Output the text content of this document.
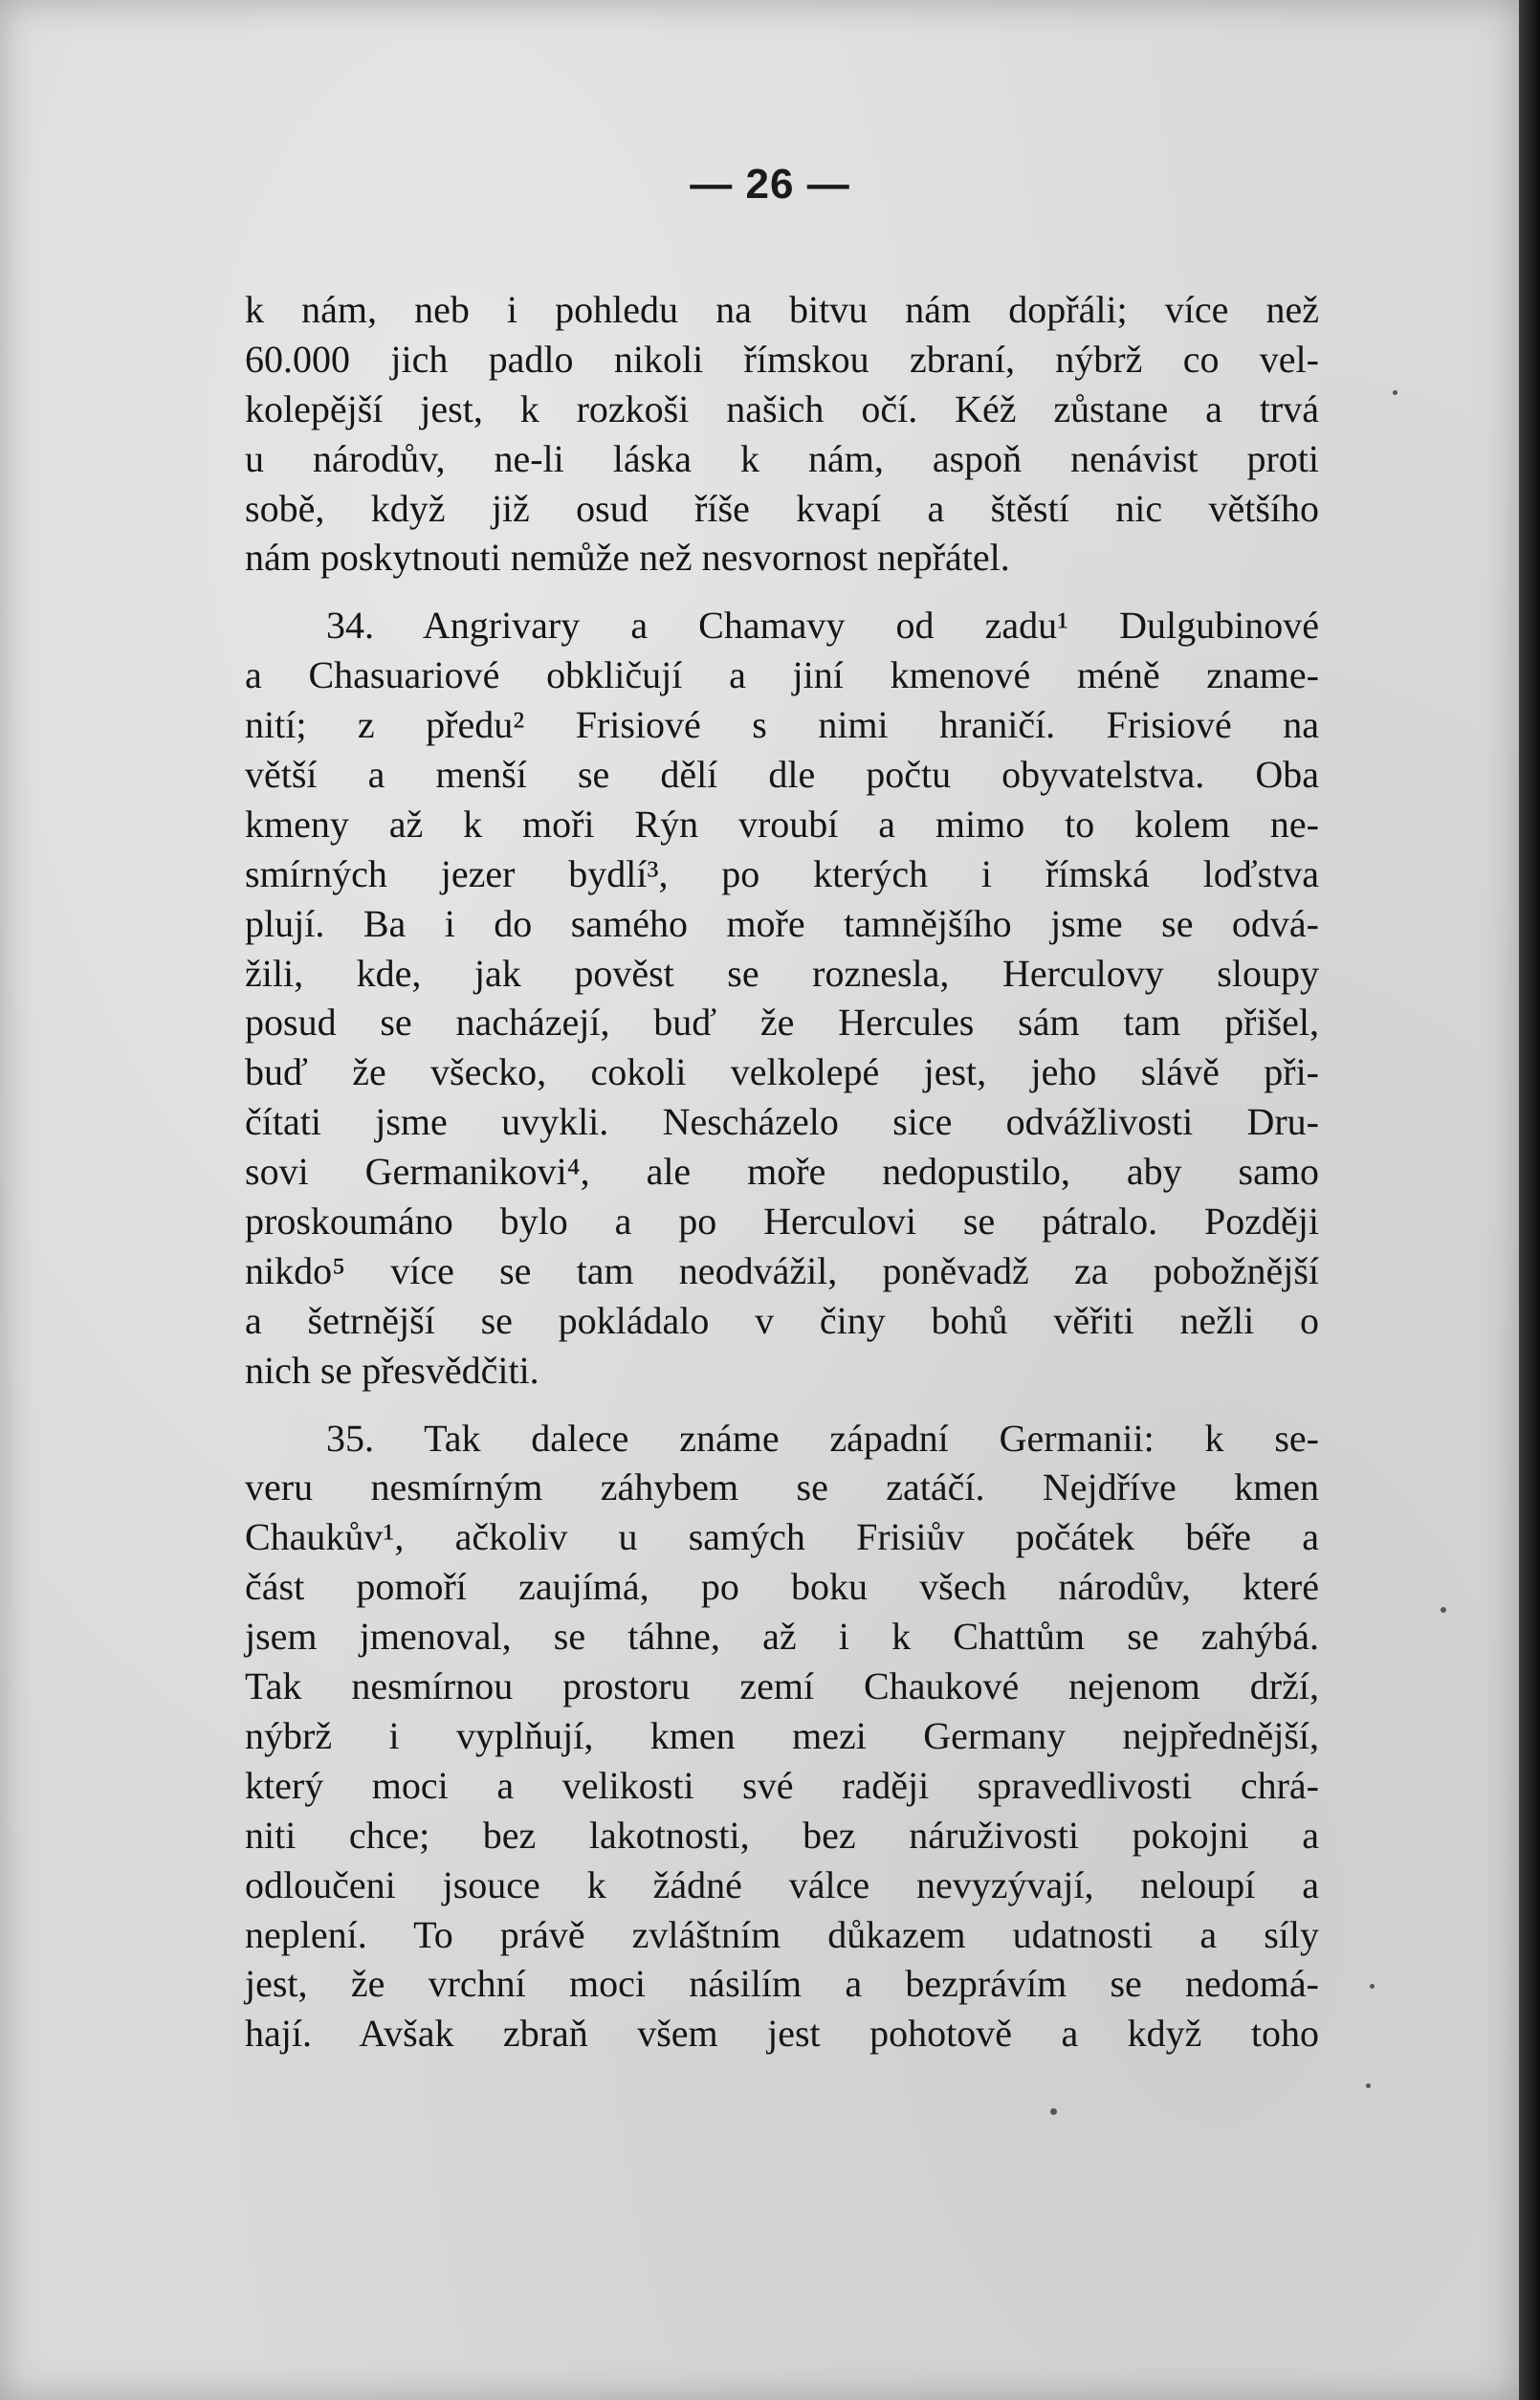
— 26 —
k nám, neb i pohledu na bitvu nám dopřáli; více než
60.000 jich padlo nikoli římskou zbraní, nýbrž co vel-
kolepější jest, k rozkoši našich očí. Kéž zůstane a trvá
u národův, ne-li láska k nám, aspoň nenávist proti
sobě, když již osud říše kvapí a štěstí nic většího
nám poskytnouti nemůže než nesvornost nepřátel.
34. Angrivary a Chamavy od zadu¹ Dulgubinové
a Chasuariové obkličují a jiní kmenové méně zname-
nití; z předu² Frisiové s nimi hraničí. Frisiové na
větší a menší se dělí dle počtu obyvatelstva. Oba
kmeny až k moři Rýn vroubí a mimo to kolem ne-
smírných jezer bydlí³, po kterých i římská loďstva
plují. Ba i do samého moře tamnějšího jsme se odvá-
žili, kde, jak pověst se roznesla, Herculovy sloupy
posud se nacházejí, buď že Hercules sám tam přišel,
buď že všecko, cokoli velkolepé jest, jeho slávě při-
čítati jsme uvykli. Nescházelo sice odvážlivosti Dru-
sovi Germanikovi⁴, ale moře nedopustilo, aby samo
proskoumáno bylo a po Herculovi se pátralo. Později
nikdo⁵ více se tam neodvážil, poněvadž za pobožnější
a šetrnější se pokládalo v činy bohů věřiti nežli o
nich se přesvědčiti.
35. Tak dalece známe západní Germanii: k se-
veru nesmírným záhybem se zatáčí. Nejdříve kmen
Chaukův¹, ačkoliv u samých Frisiův počátek béře a
část pomoří zaujímá, po boku všech národův, které
jsem jmenoval, se táhne, až i k Chattům se zahýbá.
Tak nesmírnou prostoru zemí Chaukové nejenom drží,
nýbrž i vyplňují, kmen mezi Germany nejpřednější,
který moci a velikosti své raději spravedlivosti chrá-
niti chce; bez lakotnosti, bez náruživosti pokojni a
odloučeni jsouce k žádné válce nevyzývají, neloupí a
neplení. To právě zvláštním důkazem udatnosti a síly
jest, že vrchní moci násilím a bezprávím se nedomá-
hají. Avšak zbraň všem jest pohotově a když toho
